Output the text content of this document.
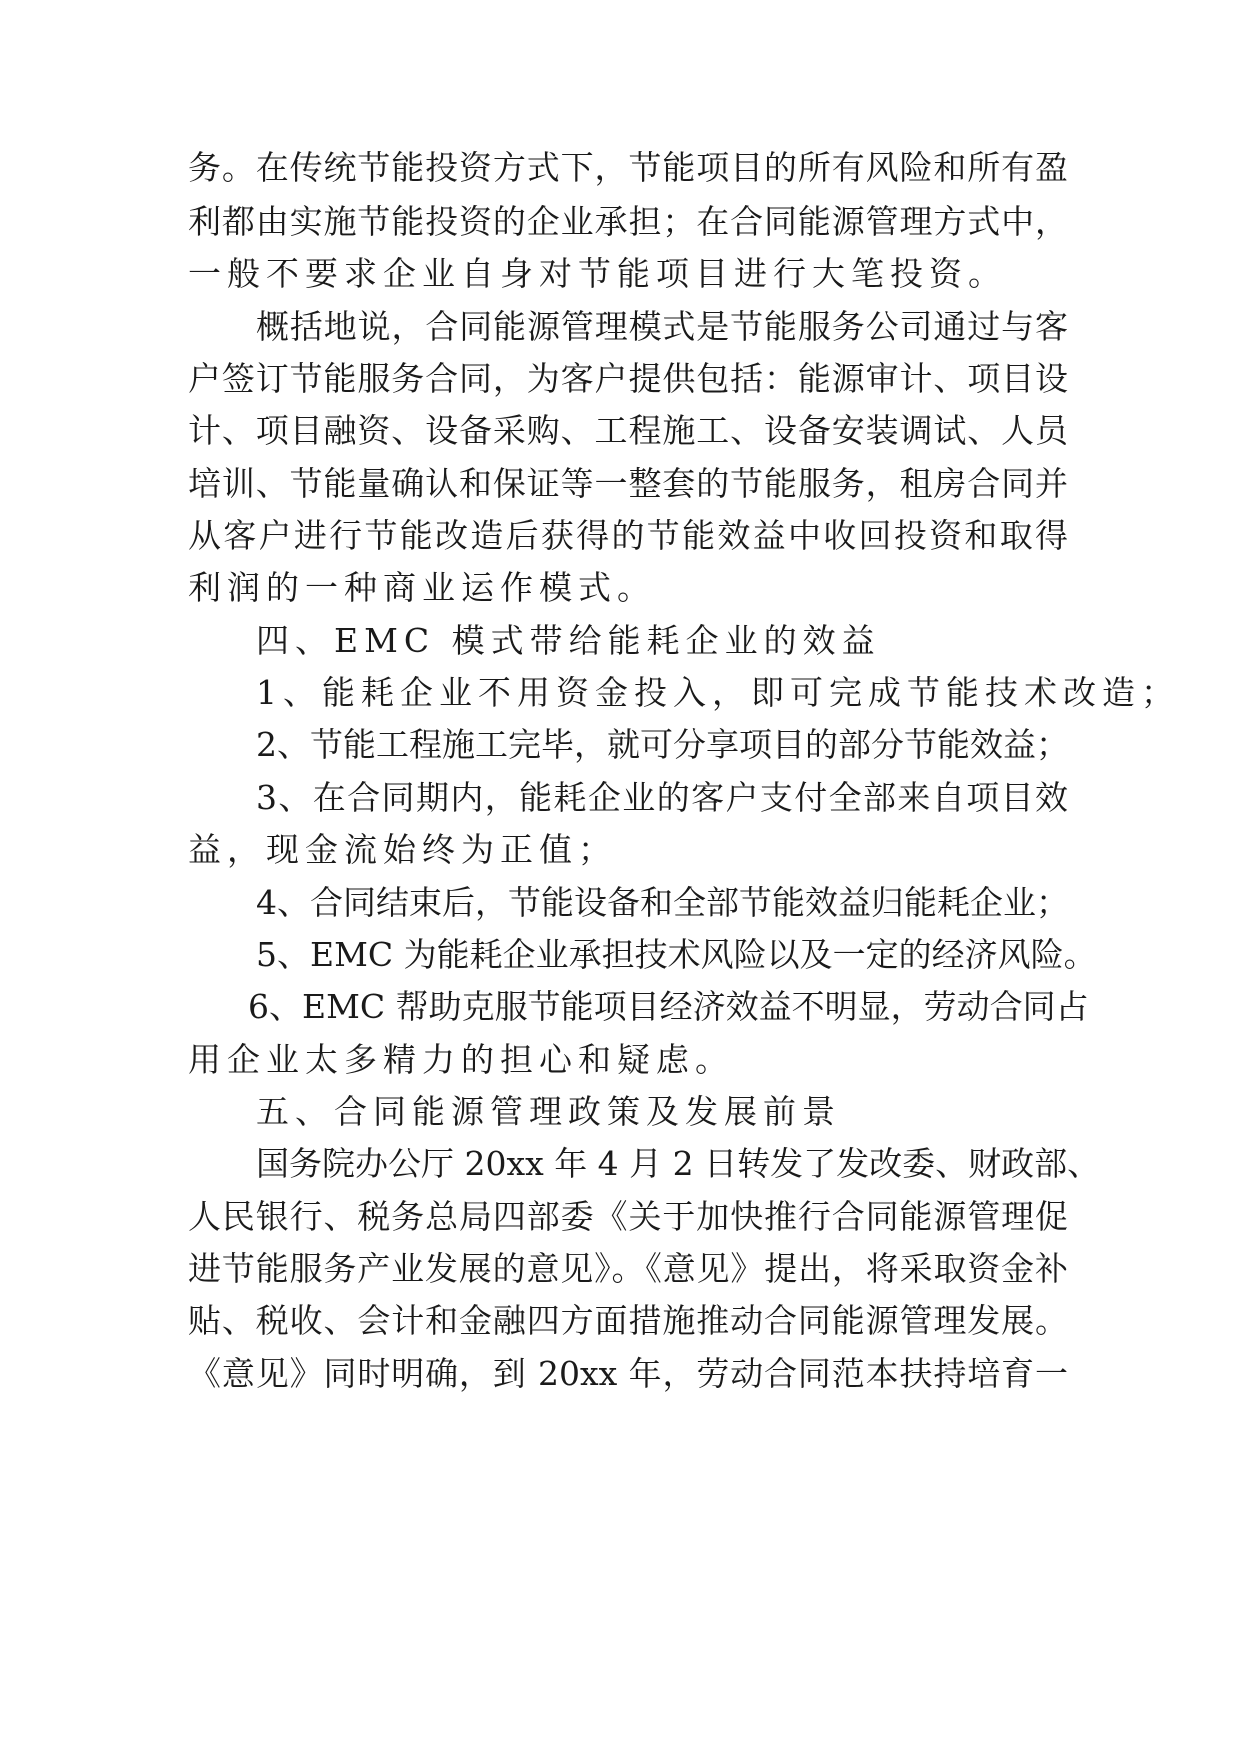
务。在传统节能投资方式下，节能项目的所有风险和所有盈
利都由实施节能投资的企业承担；在合同能源管理方式中，
一般不要求企业自身对节能项目进行大笔投资。
概括地说，合同能源管理模式是节能服务公司通过与客
户签订节能服务合同，为客户提供包括：能源审计、项目设
计、项目融资、设备采购、工程施工、设备安装调试、人员
培训、节能量确认和保证等一整套的节能服务，租房合同并
从客户进行节能改造后获得的节能效益中收回投资和取得
利润的一种商业运作模式。
四、EMC 模式带给能耗企业的效益
1、能耗企业不用资金投入，即可完成节能技术改造；
2、节能工程施工完毕，就可分享项目的部分节能效益；
3、在合同期内，能耗企业的客户支付全部来自项目效
益，现金流始终为正值；
4、合同结束后，节能设备和全部节能效益归能耗企业；
5、EMC 为能耗企业承担技术风险以及一定的经济风险。
6、EMC 帮助克服节能项目经济效益不明显，劳动合同占
用企业太多精力的担心和疑虑。
五、合同能源管理政策及发展前景
国务院办公厅 20xx 年 4 月 2 日转发了发改委、财政部、
人民银行、税务总局四部委《关于加快推行合同能源管理促
进节能服务产业发展的意见》。《意见》提出，将采取资金补
贴、税收、会计和金融四方面措施推动合同能源管理发展。
《意见》同时明确，到 20xx 年，劳动合同范本扶持培育一
